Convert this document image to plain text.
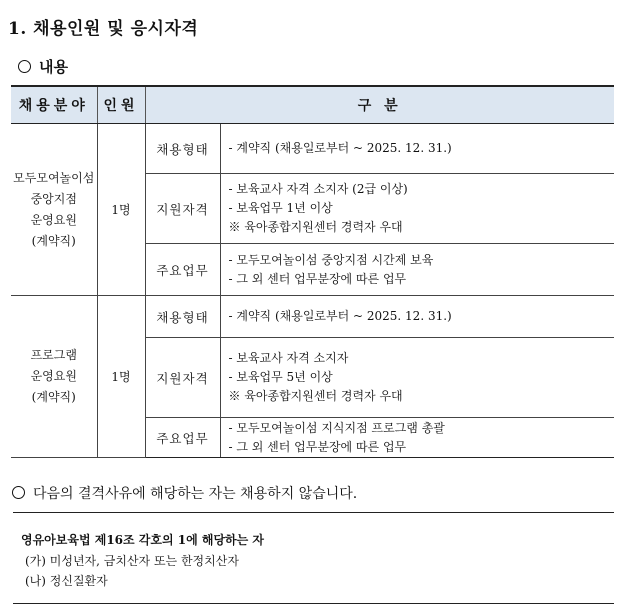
1. 채용인원 및 응시자격
내용
채용분야	인원	구 분	

모두모여놀이섬
중앙지점
운영요원
(계약직)	1명	채용형태	- 계약직 (채용일로부터 ~ 2025. 12. 31.)

		지원자격	- 보육교사 자격 소지자 (2급 이상)
- 보육업무 1년 이상
※ 육아종합지원센터 경력자 우대

		주요업무	- 모두모여놀이섬 중앙지점 시간제 보육
- 그 외 센터 업무분장에 따른 업무

프로그램
운영요원
(계약직)	1명	채용형태	- 계약직 (채용일로부터 ~ 2025. 12. 31.)

		지원자격	- 보육교사 자격 소지자
- 보육업무 5년 이상
※ 육아종합지원센터 경력자 우대

		주요업무	- 모두모여놀이섬 지식지점 프로그램 총괄
- 그 외 센터 업무분장에 따른 업무
다음의 결격사유에 해당하는 자는 채용하지 않습니다.
영유아보육법 제16조 각호의 1에 해당하는 자
(가) 미성년자, 금치산자 또는 한정치산자
(나) 정신질환자
